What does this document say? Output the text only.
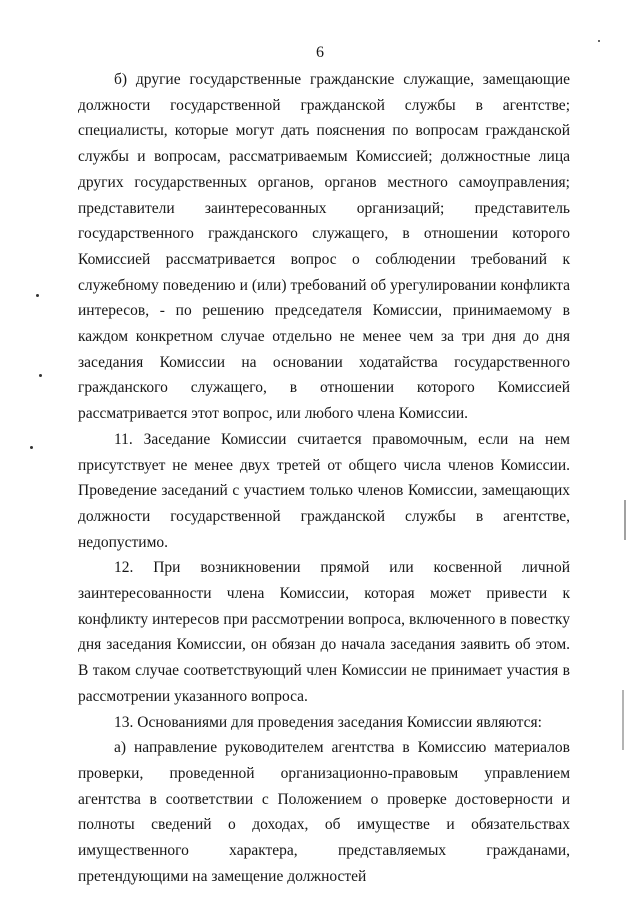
6

б) другие государственные гражданские служащие, замещающие должности государственной гражданской службы в агентстве; специалисты, которые могут дать пояснения по вопросам гражданской службы и вопросам, рассматриваемым Комиссией; должностные лица других государственных органов, органов местного самоуправления; представители заинтересованных организаций; представитель государственного гражданского служащего, в отношении которого Комиссией рассматривается вопрос о соблюдении требований к служебному поведению и (или) требований об урегулировании конфликта интересов, - по решению председателя Комиссии, принимаемому в каждом конкретном случае отдельно не менее чем за три дня до дня заседания Комиссии на основании ходатайства государственного гражданского служащего, в отношении которого Комиссией рассматривается этот вопрос, или любого члена Комиссии.

11. Заседание Комиссии считается правомочным, если на нем присутствует не менее двух третей от общего числа членов Комиссии. Проведение заседаний с участием только членов Комиссии, замещающих должности государственной гражданской службы в агентстве, недопустимо.

12. При возникновении прямой или косвенной личной заинтересованности члена Комиссии, которая может привести к конфликту интересов при рассмотрении вопроса, включенного в повестку дня заседания Комиссии, он обязан до начала заседания заявить об этом. В таком случае соответствующий член Комиссии не принимает участия в рассмотрении указанного вопроса.

13. Основаниями для проведения заседания Комиссии являются:

а) направление руководителем агентства в Комиссию материалов проверки, проведенной организационно-правовым управлением агентства в соответствии с Положением о проверке достоверности и полноты сведений о доходах, об имуществе и обязательствах имущественного характера, представляемых гражданами, претендующими на замещение должностей
